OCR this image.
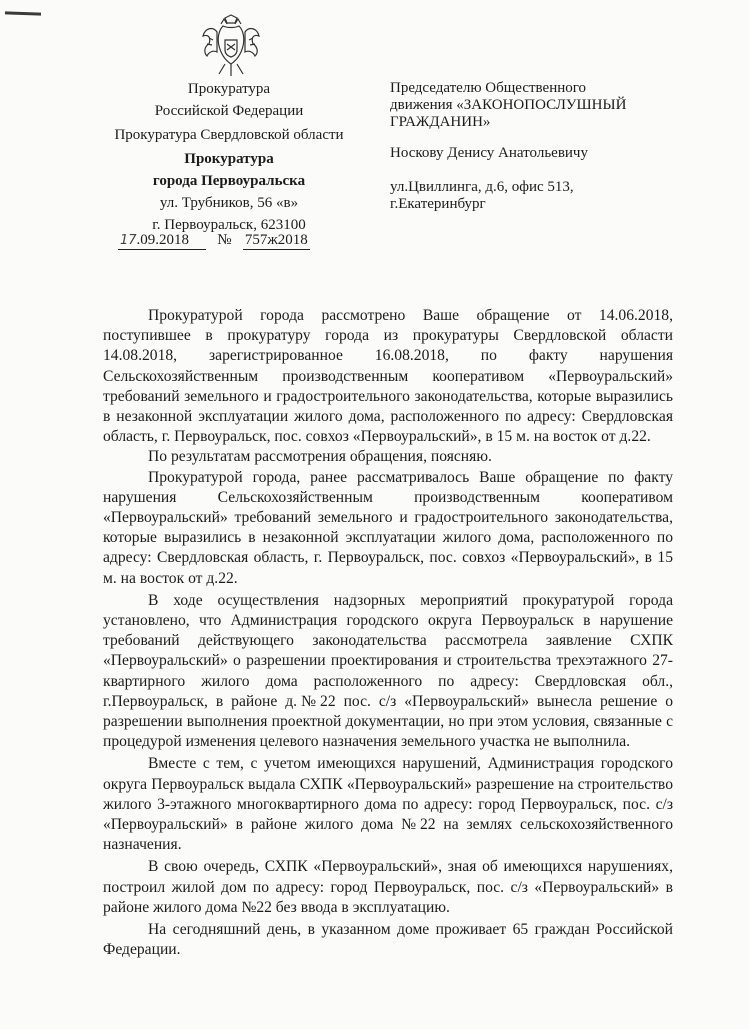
Прокуратура
Российской Федерации
Прокуратура Свердловской области
Прокуратура
города Первоуральска
ул. Трубников, 56 «в»
г. Первоуральск, 623100
17.09.2018 № 757ж2018
Председателю Общественного
движения «ЗАКОНОПОСЛУШНЫЙ
ГРАЖДАНИН»
Носкову Денису Анатольевичу
ул.Цвиллинга, д.6, офис 513,
г.Екатеринбург

Прокуратурой города рассмотрено Ваше обращение от 14.06.2018, поступившее в прокуратуру города из прокуратуры Свердловской области 14.08.2018, зарегистрированное 16.08.2018, по факту нарушения Сельскохозяйственным производственным кооперативом «Первоуральский» требований земельного и градостроительного законодательства, которые выразились в незаконной эксплуатации жилого дома, расположенного по адресу: Свердловская область, г. Первоуральск, пос. совхоз «Первоуральский», в 15 м. на восток от д.22.

По результатам рассмотрения обращения, поясняю.

Прокуратурой города, ранее рассматривалось Ваше обращение по факту нарушения Сельскохозяйственным производственным кооперативом «Первоуральский» требований земельного и градостроительного законодательства, которые выразились в незаконной эксплуатации жилого дома, расположенного по адресу: Свердловская область, г. Первоуральск, пос. совхоз «Первоуральский», в 15 м. на восток от д.22.

В ходе осуществления надзорных мероприятий прокуратурой города установлено, что Администрация городского округа Первоуральск в нарушение требований действующего законодательства рассмотрела заявление СХПК «Первоуральский» о разрешении проектирования и строительства трехэтажного 27-квартирного жилого дома расположенного по адресу: Свердловская обл., г.Первоуральск, в районе д.№22 пос. с/з «Первоуральский» вынесла решение о разрешении выполнения проектной документации, но при этом условия, связанные с процедурой изменения целевого назначения земельного участка не выполнила.

Вместе с тем, с учетом имеющихся нарушений, Администрация городского округа Первоуральск выдала СХПК «Первоуральский» разрешение на строительство жилого 3-этажного многоквартирного дома по адресу: город Первоуральск, пос. с/з «Первоуральский» в районе жилого дома №22 на землях сельскохозяйственного назначения.

В свою очередь, СХПК «Первоуральский», зная об имеющихся нарушениях, построил жилой дом по адресу: город Первоуральск, пос. с/з «Первоуральский» в районе жилого дома №22 без ввода в эксплуатацию.

На сегодняшний день, в указанном доме проживает 65 граждан Российской Федерации.
